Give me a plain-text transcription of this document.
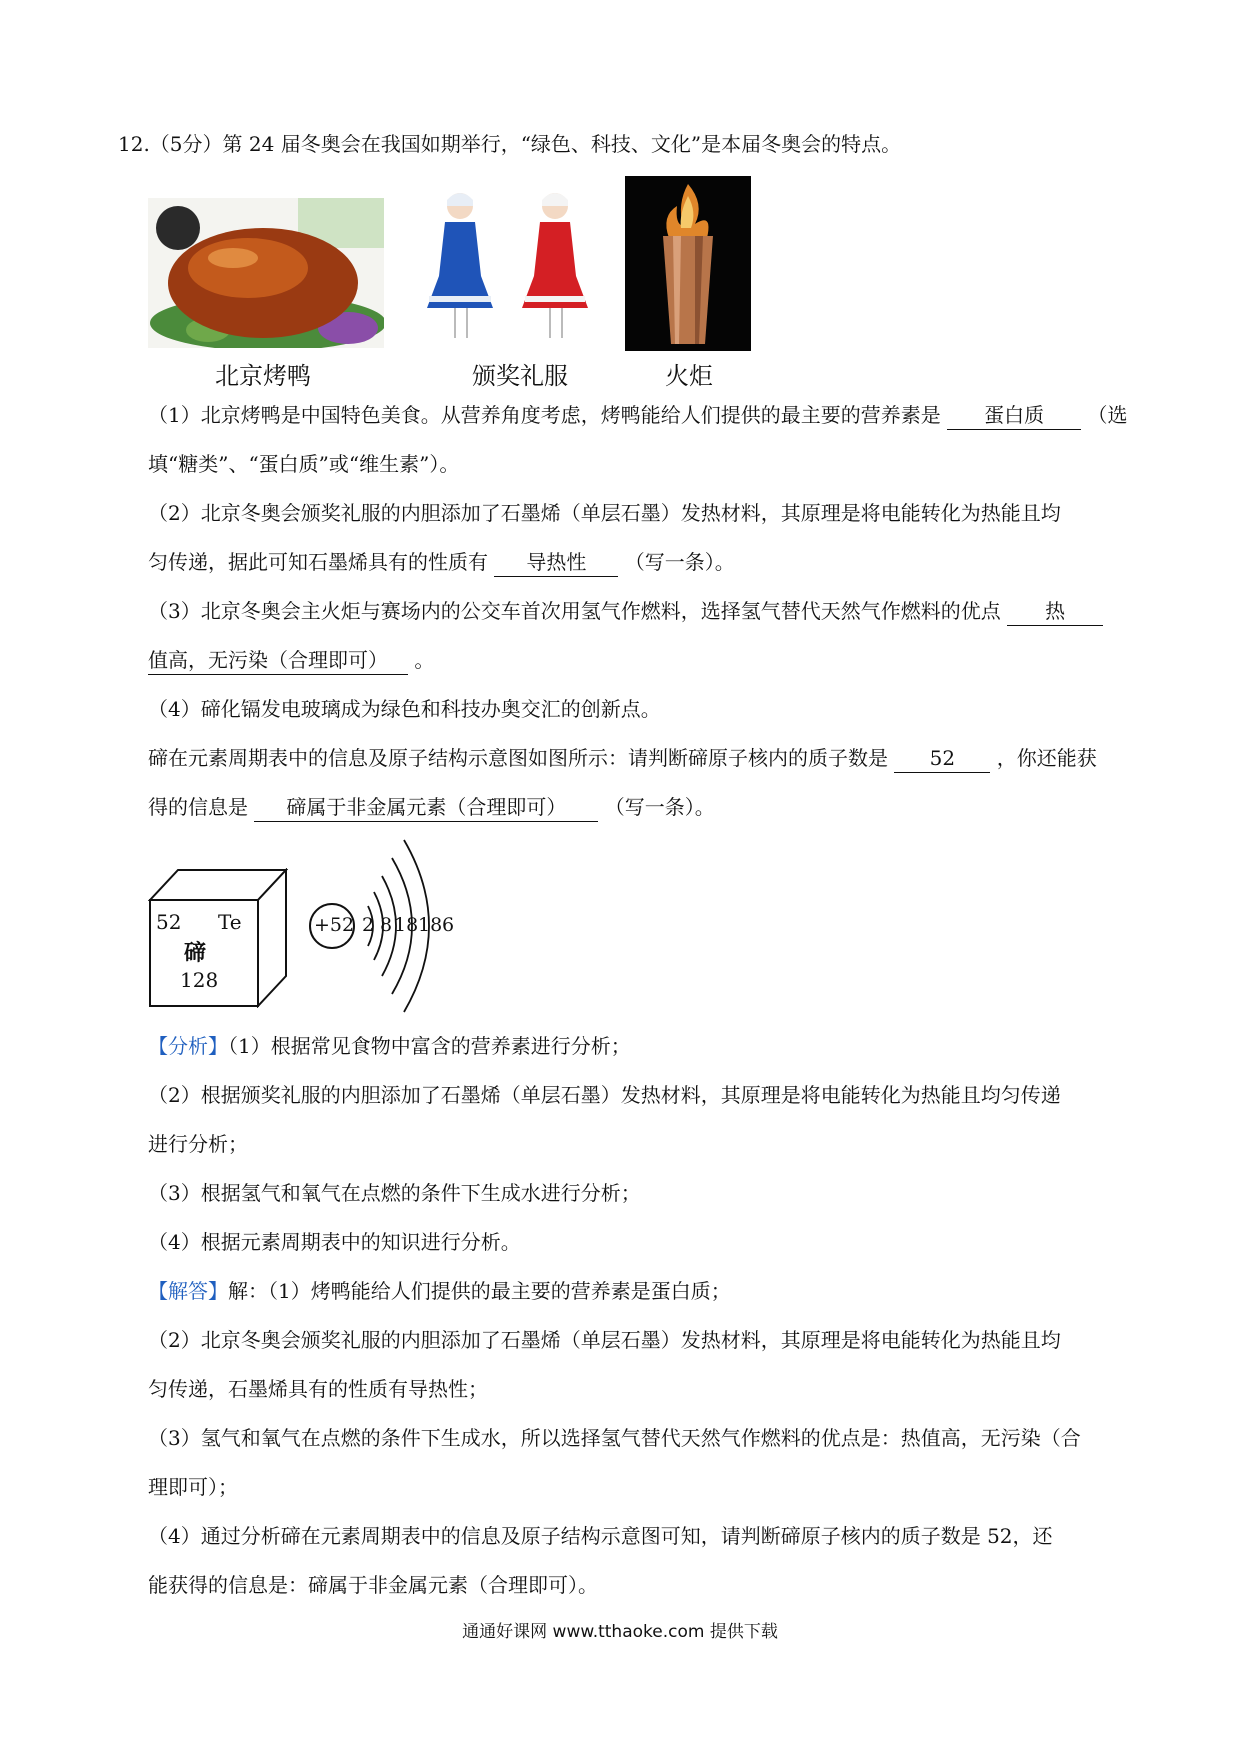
12.（5分）第 24 届冬奥会在我国如期举行，“绿色、科技、文化”是本届冬奥会的特点。
北京烤鸭	颁奖礼服	火炬
（1）北京烤鸭是中国特色美食。从营养角度考虑，烤鸭能给人们提供的最主要的营养素是 蛋白质 （选
填“糖类”、“蛋白质”或“维生素”）。
（2）北京冬奥会颁奖礼服的内胆添加了石墨烯（单层石墨）发热材料，其原理是将电能转化为热能且均
匀传递，据此可知石墨烯具有的性质有 导热性 （写一条）。
（3）北京冬奥会主火炬与赛场内的公交车首次用氢气作燃料，选择氢气替代天然气作燃料的优点 热
值高，无污染（合理即可） 。
（4）碲化镉发电玻璃成为绿色和科技办奥交汇的创新点。
碲在元素周期表中的信息及原子结构示意图如图所示：请判断碲原子核内的质子数是 52 ，你还能获
得的信息是 碲属于非金属元素（合理即可） （写一条）。
52 Te
碲
128
+52 2 8 18 18 6
【分析】（1）根据常见食物中富含的营养素进行分析；
（2）根据颁奖礼服的内胆添加了石墨烯（单层石墨）发热材料，其原理是将电能转化为热能且均匀传递
进行分析；
（3）根据氢气和氧气在点燃的条件下生成水进行分析；
（4）根据元素周期表中的知识进行分析。
【解答】解：（1）烤鸭能给人们提供的最主要的营养素是蛋白质；
（2）北京冬奥会颁奖礼服的内胆添加了石墨烯（单层石墨）发热材料，其原理是将电能转化为热能且均
匀传递，石墨烯具有的性质有导热性；
（3）氢气和氧气在点燃的条件下生成水，所以选择氢气替代天然气作燃料的优点是：热值高，无污染（合
理即可）；
（4）通过分析碲在元素周期表中的信息及原子结构示意图可知，请判断碲原子核内的质子数是 52，还
能获得的信息是：碲属于非金属元素（合理即可）。
通通好课网 www.tthaoke.com 提供下载
